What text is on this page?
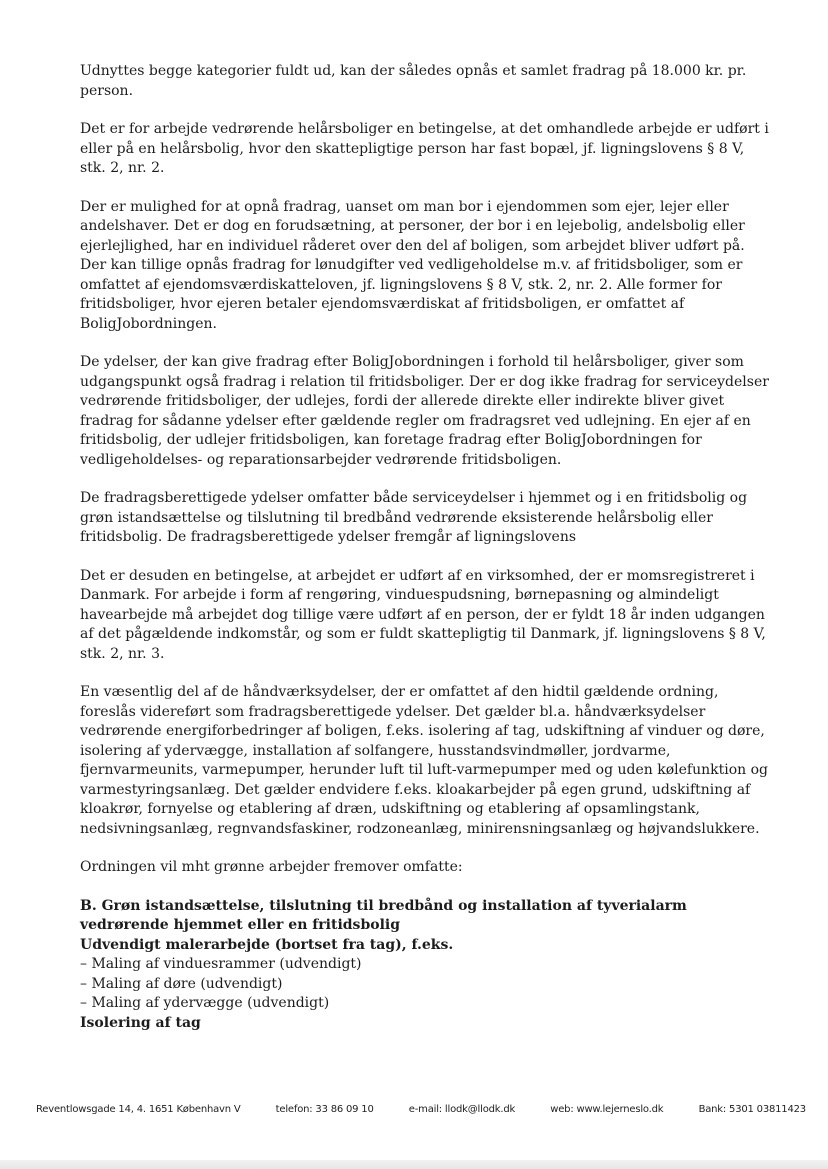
Udnyttes begge kategorier fuldt ud, kan der således opnås et samlet fradrag på 18.000 kr. pr. person.

Det er for arbejde vedrørende helårsboliger en betingelse, at det omhandlede arbejde er udført i eller på en helårsbolig, hvor den skattepligtige person har fast bopæl, jf. ligningslovens § 8 V, stk. 2, nr. 2.

Der er mulighed for at opnå fradrag, uanset om man bor i ejendommen som ejer, lejer eller andelshaver. Det er dog en forudsætning, at personer, der bor i en lejebolig, andelsbolig eller ejerlejlighed, har en individuel råderet over den del af boligen, som arbejdet bliver udført på. Der kan tillige opnås fradrag for lønudgifter ved vedligeholdelse m.v. af fritidsboliger, som er omfattet af ejendomsværdiskatteloven, jf. ligningslovens § 8 V, stk. 2, nr. 2. Alle former for fritidsboliger, hvor ejeren betaler ejendomsværdiskat af fritidsboligen, er omfattet af BoligJobordningen.

De ydelser, der kan give fradrag efter BoligJobordningen i forhold til helårsboliger, giver som udgangspunkt også fradrag i relation til fritidsboliger. Der er dog ikke fradrag for serviceydelser vedrørende fritidsboliger, der udlejes, fordi der allerede direkte eller indirekte bliver givet fradrag for sådanne ydelser efter gældende regler om fradragsret ved udlejning. En ejer af en fritidsbolig, der udlejer fritidsboligen, kan foretage fradrag efter BoligJobordningen for vedligeholdelses- og reparationsarbejder vedrørende fritidsboligen.

De fradragsberettigede ydelser omfatter både serviceydelser i hjemmet og i en fritidsbolig og grøn istandsættelse og tilslutning til bredbånd vedrørende eksisterende helårsbolig eller fritidsbolig. De fradragsberettigede ydelser fremgår af ligningslovens

Det er desuden en betingelse, at arbejdet er udført af en virksomhed, der er momsregistreret i Danmark. For arbejde i form af rengøring, vinduespudsning, børnepasning og almindeligt havearbejde må arbejdet dog tillige være udført af en person, der er fyldt 18 år inden udgangen af det pågældende indkomstår, og som er fuldt skattepligtig til Danmark, jf. ligningslovens § 8 V, stk. 2, nr. 3.

En væsentlig del af de håndværksydelser, der er omfattet af den hidtil gældende ordning, foreslås videreført som fradragsberettigede ydelser. Det gælder bl.a. håndværksydelser vedrørende energiforbedringer af boligen, f.eks. isolering af tag, udskiftning af vinduer og døre, isolering af ydervægge, installation af solfangere, husstandsvindmøller, jordvarme, fjernvarmeunits, varmepumper, herunder luft til luft-varmepumper med og uden kølefunktion og varmestyringsanlæg. Det gælder endvidere f.eks. kloakarbejder på egen grund, udskiftning af kloakrør, fornyelse og etablering af dræn, udskiftning og etablering af opsamlingstank, nedsivningsanlæg, regnvandsfaskiner, rodzoneanlæg, minirensningsanlæg og højvandslukkere.

Ordningen vil mht grønne arbejder fremover omfatte:

B. Grøn istandsættelse, tilslutning til bredbånd og installation af tyverialarm vedrørende hjemmet eller en fritidsbolig
Udvendigt malerarbejde (bortset fra tag), f.eks.
– Maling af vinduesrammer (udvendigt)
– Maling af døre (udvendigt)
– Maling af ydervægge (udvendigt)
Isolering af tag
Reventlowsgade 14, 4. 1651 København V	telefon: 33 86 09 10	e-mail: llodk@llodk.dk	web: www.lejerneslo.dk	Bank: 5301 03811423
